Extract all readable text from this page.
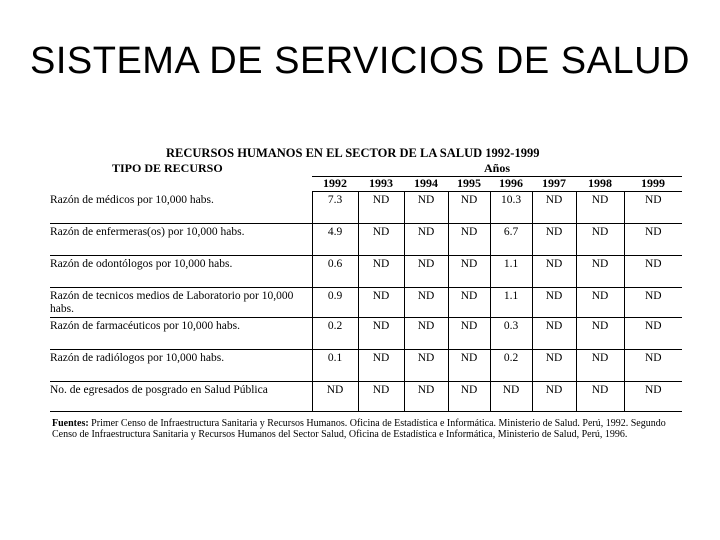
SISTEMA DE SERVICIOS DE SALUD
RECURSOS HUMANOS EN EL SECTOR DE LA SALUD 1992-1999
TIPO DE RECURSO	Años							
	1992	1993	1994	1995	1996	1997	1998	1999
Razón de médicos por 10,000 habs.	7.3	ND	ND	ND	10.3	ND	ND	ND
Razón de enfermeras(os) por 10,000 habs.	4.9	ND	ND	ND	6.7	ND	ND	ND
Razón de odontólogos por 10,000 habs.	0.6	ND	ND	ND	1.1	ND	ND	ND
Razón de tecnicos medios de Laboratorio por 10,000 habs.	0.9	ND	ND	ND	1.1	ND	ND	ND
Razón de farmacéuticos por 10,000 habs.	0.2	ND	ND	ND	0.3	ND	ND	ND
Razón de radiólogos por 10,000 habs.	0.1	ND	ND	ND	0.2	ND	ND	ND
No. de egresados de posgrado en Salud Pública	ND	ND	ND	ND	ND	ND	ND	ND
Fuentes: Primer Censo de Infraestructura Sanitaria y Recursos Humanos. Oficina de Estadística e Informática. Ministerio de Salud. Perú, 1992. Segundo Censo de Infraestructura Sanitaria y Recursos Humanos del Sector Salud, Oficina de Estadística e Informática, Ministerio de Salud, Perú, 1996.
